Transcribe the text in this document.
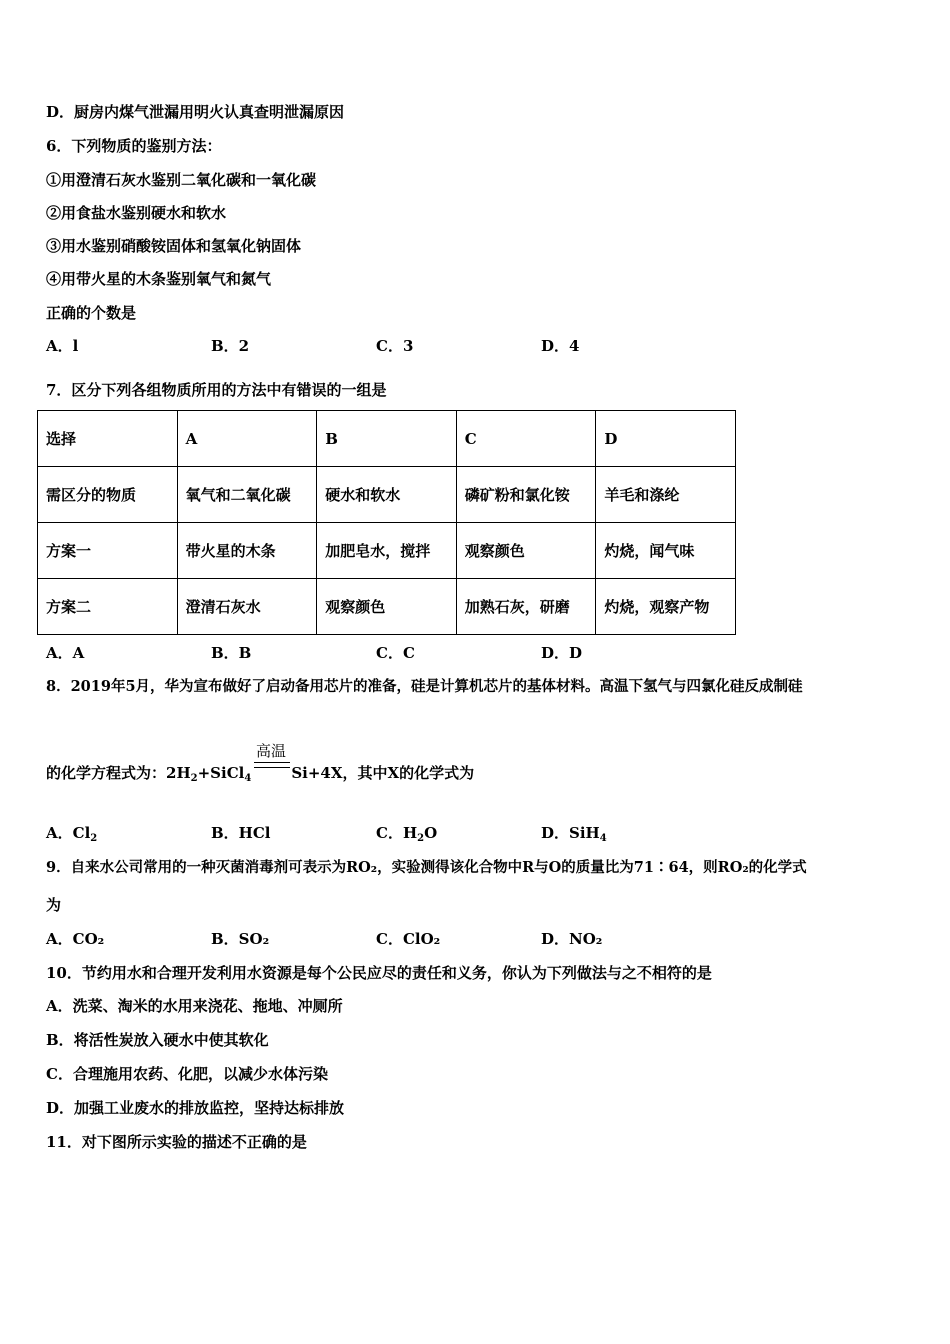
D．厨房内煤气泄漏用明火认真查明泄漏原因
6．下列物质的鉴别方法：
①用澄清石灰水鉴别二氧化碳和一氧化碳
②用食盐水鉴别硬水和软水
③用水鉴别硝酸铵固体和氢氧化钠固体
④用带火星的木条鉴别氧气和氮气
正确的个数是
A．l	B．2	C．3	D．4
7．区分下列各组物质所用的方法中有错误的一组是
选择	A	B	C	D
需区分的物质	氧气和二氧化碳	硬水和软水	磷矿粉和氯化铵	羊毛和涤纶
方案一	带火星的木条	加肥皂水，搅拌	观察颜色	灼烧，闻气味
方案二	澄清石灰水	观察颜色	加熟石灰，研磨	灼烧，观察产物
A．A	B．B	C．C	D．D
8．2019年5月，华为宣布做好了启动备用芯片的准备，硅是计算机芯片的基体材料。高温下氢气与四氯化硅反成制硅
高温
的化学方程式为：$2H_2+SiCl_4$	Si+4X，其中X的化学式为
A．$Cl_2$	B．HCl	C．$H_2O$	D．SiH$_4$
9．自来水公司常用的一种灭菌消毒剂可表示为RO₂，实验测得该化合物中R与O的质量比为71∶64，则RO₂的化学式
为
A．CO₂	B．SO₂	C．ClO₂	D．NO₂
10．节约用水和合理开发利用水资源是每个公民应尽的责任和义务，你认为下列做法与之不相符的是
A．洗菜、淘米的水用来浇花、拖地、冲厕所
B．将活性炭放入硬水中使其软化
C．合理施用农药、化肥，以减少水体污染
D．加强工业废水的排放监控，坚持达标排放
11．对下图所示实验的描述不正确的是
